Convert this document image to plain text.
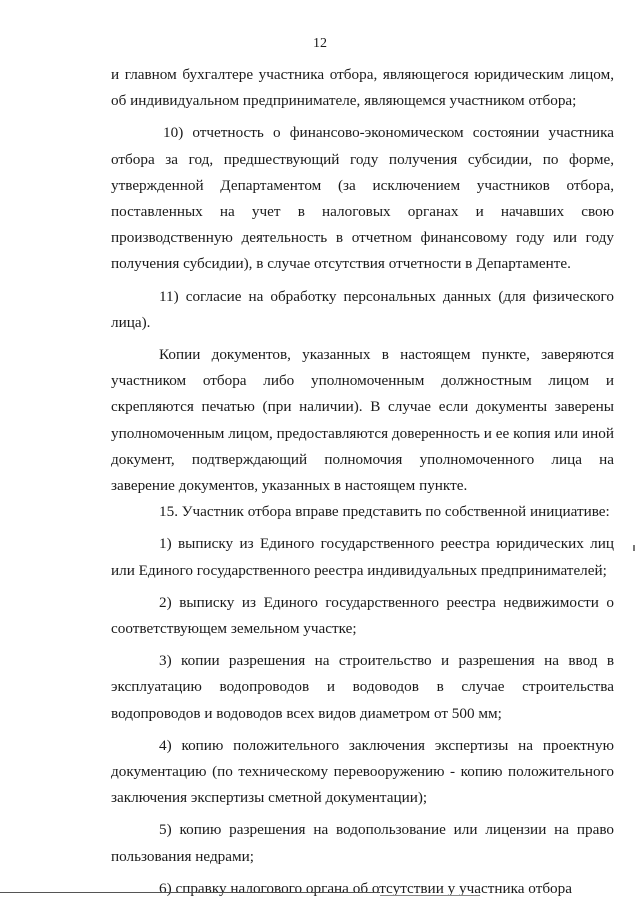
12

и главном бухгалтере участника отбора, являющегося юридическим лицом, об индивидуальном предпринимателе, являющемся участником отбора;

10) отчетность о финансово-экономическом состоянии участника отбора за год, предшествующий году получения субсидии, по форме, утвержденной Департаментом (за исключением участников отбора, поставленных на учет в налоговых органах и начавших свою производственную деятельность в отчетном финансовому году или году получения субсидии), в случае отсутствия отчетности в Департаменте.

11) согласие на обработку персональных данных (для физического лица).

Копии документов, указанных в настоящем пункте, заверяются участником отбора либо уполномоченным должностным лицом и скрепляются печатью (при наличии). В случае если документы заверены уполномоченным лицом, предоставляются доверенность и ее копия или иной документ, подтверждающий полномочия уполномоченного лица на заверение документов, указанных в настоящем пункте.

15. Участник отбора вправе представить по собственной инициативе:

1) выписку из Единого государственного реестра юридических лиц или Единого государственного реестра индивидуальных предпринимателей;

2) выписку из Единого государственного реестра недвижимости о соответствующем земельном участке;

3) копии разрешения на строительство и разрешения на ввод в эксплуатацию водопроводов и водоводов в случае строительства водопроводов и водоводов всех видов диаметром от 500 мм;

4) копию положительного заключения экспертизы на проектную документацию (по техническому перевооружению - копию положительного заключения экспертизы сметной документации);

5) копию разрешения на водопользование или лицензии на право пользования недрами;

6) справку налогового органа об отсутствии у участника отбора
